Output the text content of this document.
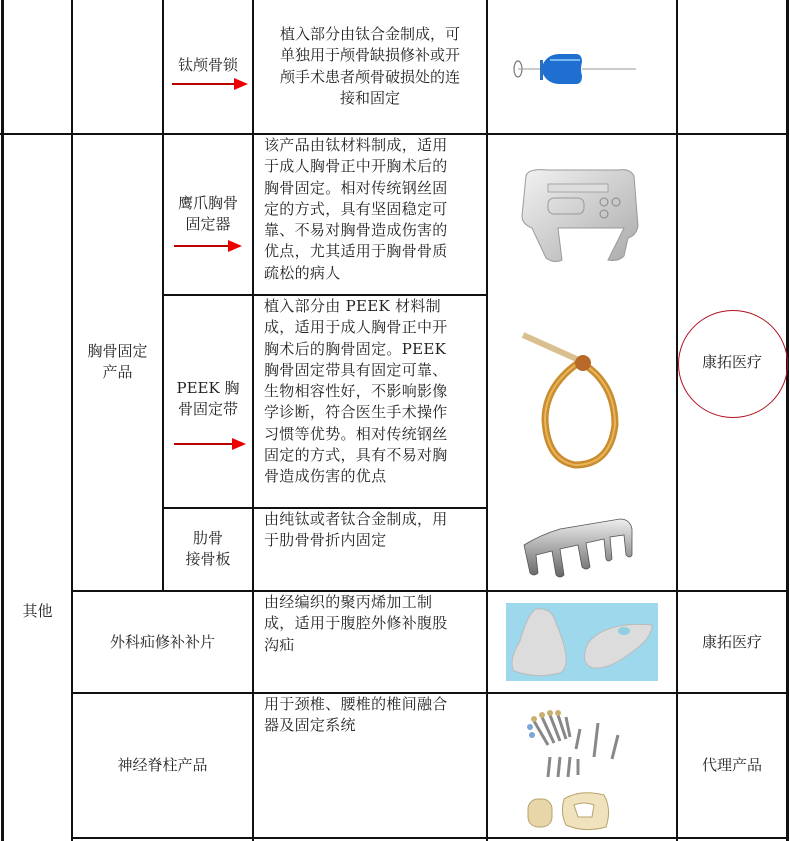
钛颅骨锁
植入部分由钛合金制成，可
单独用于颅骨缺损修补或开
颅手术患者颅骨破损处的连
接和固定
其他
胸骨固定
产品
鹰爪胸骨
固定器
该产品由钛材料制成，适用
于成人胸骨正中开胸术后的
胸骨固定。相对传统钢丝固
定的方式，具有坚固稳定可
靠、不易对胸骨造成伤害的
优点，尤其适用于胸骨骨质
疏松的病人
PEEK 胸
骨固定带
植入部分由 PEEK 材料制
成，适用于成人胸骨正中开
胸术后的胸骨固定。PEEK
胸骨固定带具有固定可靠、
生物相容性好，不影响影像
学诊断，符合医生手术操作
习惯等优势。相对传统钢丝
固定的方式，具有不易对胸
骨造成伤害的优点
肋骨
接骨板
由纯钛或者钛合金制成，用
于肋骨骨折内固定
康拓医疗
外科疝修补补片
由经编织的聚丙烯加工制
成，适用于腹腔外修补腹股
沟疝	康拓医疗
神经脊柱产品
用于颈椎、腰椎的椎间融合
器及固定系统
代理产品
